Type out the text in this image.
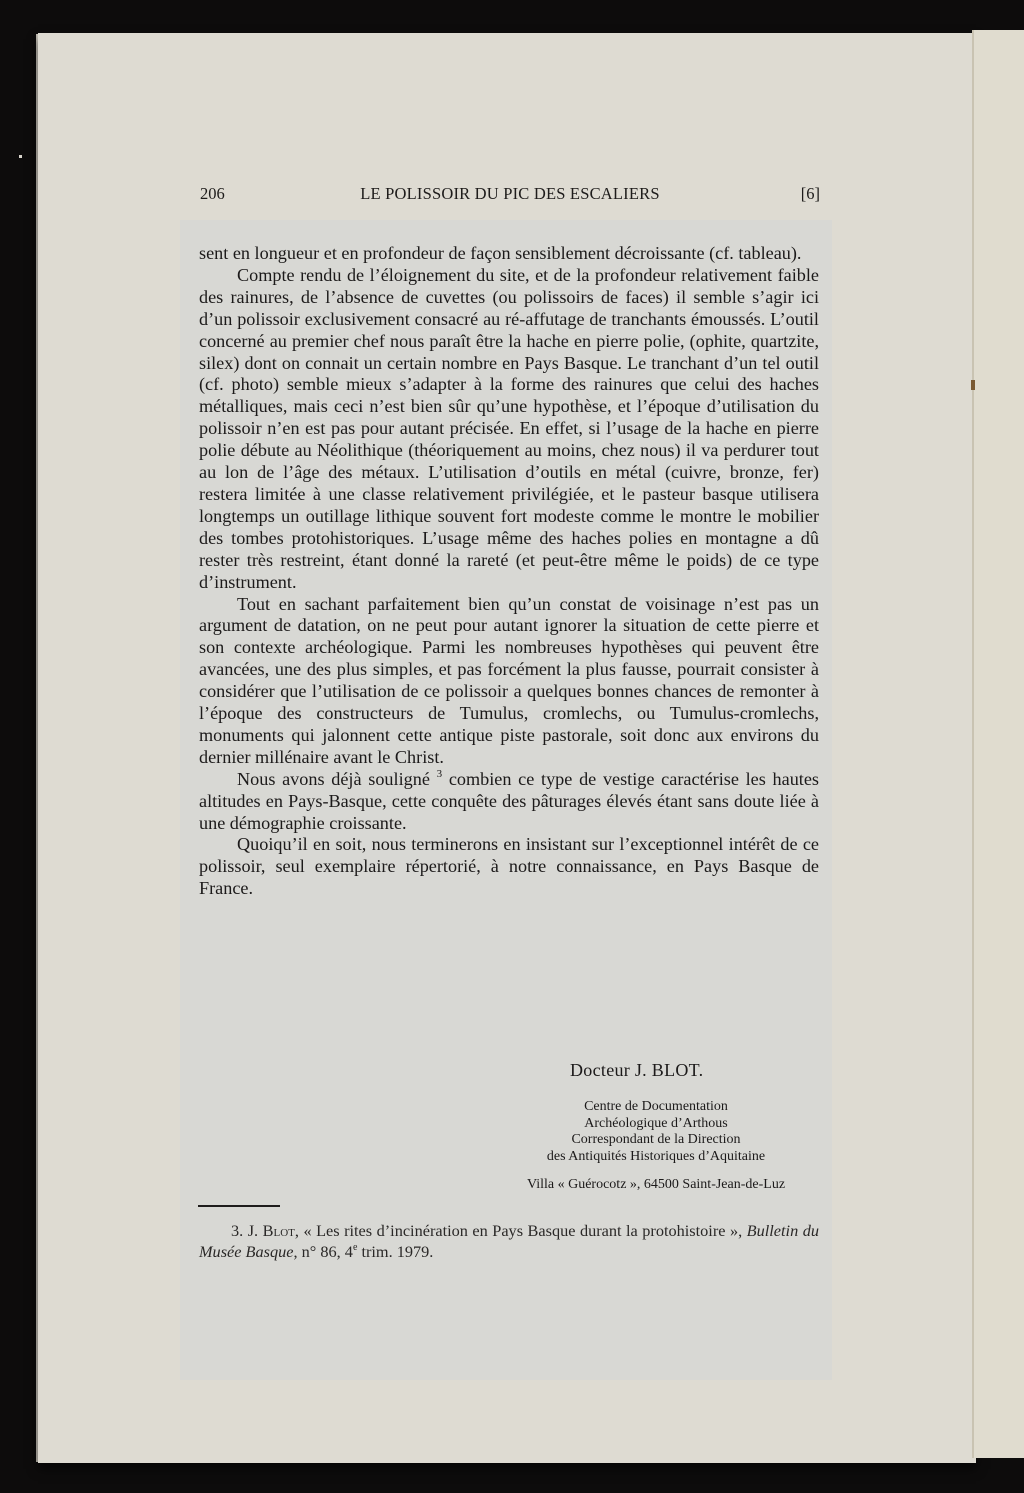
206	LE POLISSOIR DU PIC DES ESCALIERS	[6]

sent en longueur et en profondeur de façon sensiblement décroissante (cf. tableau).

Compte rendu de l’éloignement du site, et de la profondeur relativement faible des rainures, de l’absence de cuvettes (ou polissoirs de faces) il semble s’agir ici d’un polissoir exclusivement consacré au ré-affutage de tranchants émoussés. L’outil concerné au premier chef nous paraît être la hache en pierre polie, (ophite, quartzite, silex) dont on connait un certain nombre en Pays Basque. Le tranchant d’un tel outil (cf. photo) semble mieux s’adapter à la forme des rainures que celui des haches métalliques, mais ceci n’est bien sûr qu’une hypothèse, et l’époque d’utilisation du polissoir n’en est pas pour autant précisée. En effet, si l’usage de la hache en pierre polie débute au Néolithique (théoriquement au moins, chez nous) il va perdurer tout au lon de l’âge des métaux. L’utilisation d’outils en métal (cuivre, bronze, fer) restera limitée à une classe relativement privilégiée, et le pasteur basque utilisera longtemps un outillage lithique souvent fort modeste comme le montre le mobilier des tombes protohistoriques. L’usage même des haches polies en montagne a dû rester très restreint, étant donné la rareté (et peut-être même le poids) de ce type d’instrument.

Tout en sachant parfaitement bien qu’un constat de voisinage n’est pas un argument de datation, on ne peut pour autant ignorer la situation de cette pierre et son contexte archéologique. Parmi les nombreuses hypothèses qui peuvent être avancées, une des plus simples, et pas forcément la plus fausse, pourrait consister à considérer que l’utilisation de ce polissoir a quelques bonnes chances de remonter à l’époque des constructeurs de Tumulus, cromlechs, ou Tumulus-cromlechs, monuments qui jalonnent cette antique piste pastorale, soit donc aux environs du dernier millénaire avant le Christ.

Nous avons déjà souligné $^3$ combien ce type de vestige caractérise les hautes altitudes en Pays-Basque, cette conquête des pâturages élevés étant sans doute liée à une démographie croissante.

Quoiqu’il en soit, nous terminerons en insistant sur l’exceptionnel intérêt de ce polissoir, seul exemplaire répertorié, à notre connaissance, en Pays Basque de France.

Docteur J. BLOT.
Centre de Documentation
Archéologique d’Arthous
Correspondant de la Direction
des Antiquités Historiques d’Aquitaine
Villa « Guérocotz », 64500 Saint-Jean-de-Luz
3. J. Blot, « Les rites d’incinération en Pays Basque durant la protohistoire », Bulletin du Musée Basque, n° 86, 4e trim. 1979.
